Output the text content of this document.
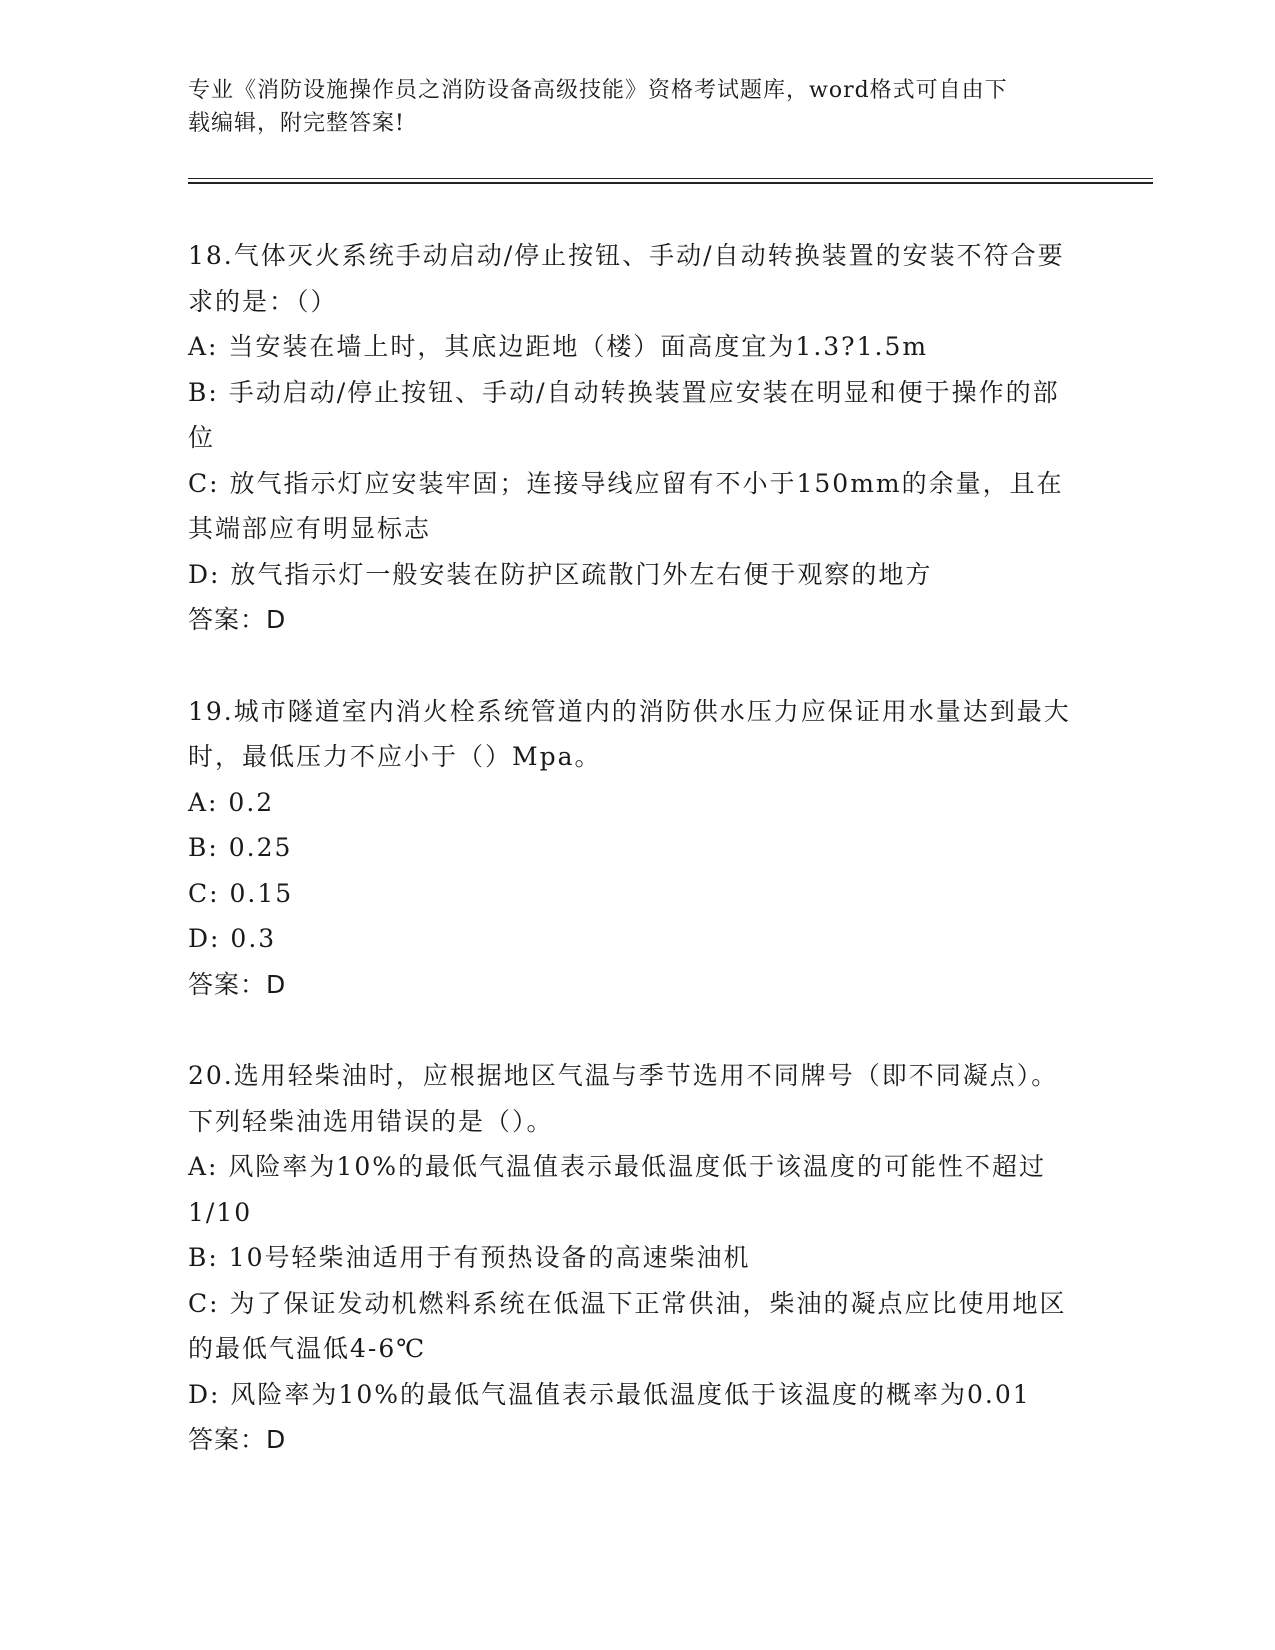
专业《消防设施操作员之消防设备高级技能》资格考试题库，word格式可自由下
载编辑，附完整答案!

18.气体灭火系统手动启动/停止按钮、手动/自动转换装置的安装不符合要求的是：（）

A: 当安装在墙上时，其底边距地（楼）面高度宜为1.3?1.5m

B: 手动启动/停止按钮、手动/自动转换装置应安装在明显和便于操作的部位

C: 放气指示灯应安装牢固；连接导线应留有不小于150mm的余量，且在其端部应有明显标志

D: 放气指示灯一般安装在防护区疏散门外左右便于观察的地方

答案：D

19.城市隧道室内消火栓系统管道内的消防供水压力应保证用水量达到最大时，最低压力不应小于（）Mpa。

A: 0.2

B: 0.25

C: 0.15

D: 0.3

答案：D

20.选用轻柴油时，应根据地区气温与季节选用不同牌号（即不同凝点）。下列轻柴油选用错误的是（）。

A: 风险率为10%的最低气温值表示最低温度低于该温度的可能性不超过1/10

B: 10号轻柴油适用于有预热设备的高速柴油机

C: 为了保证发动机燃料系统在低温下正常供油，柴油的凝点应比使用地区的最低气温低4-6℃

D: 风险率为10%的最低气温值表示最低温度低于该温度的概率为0.01

答案：D
